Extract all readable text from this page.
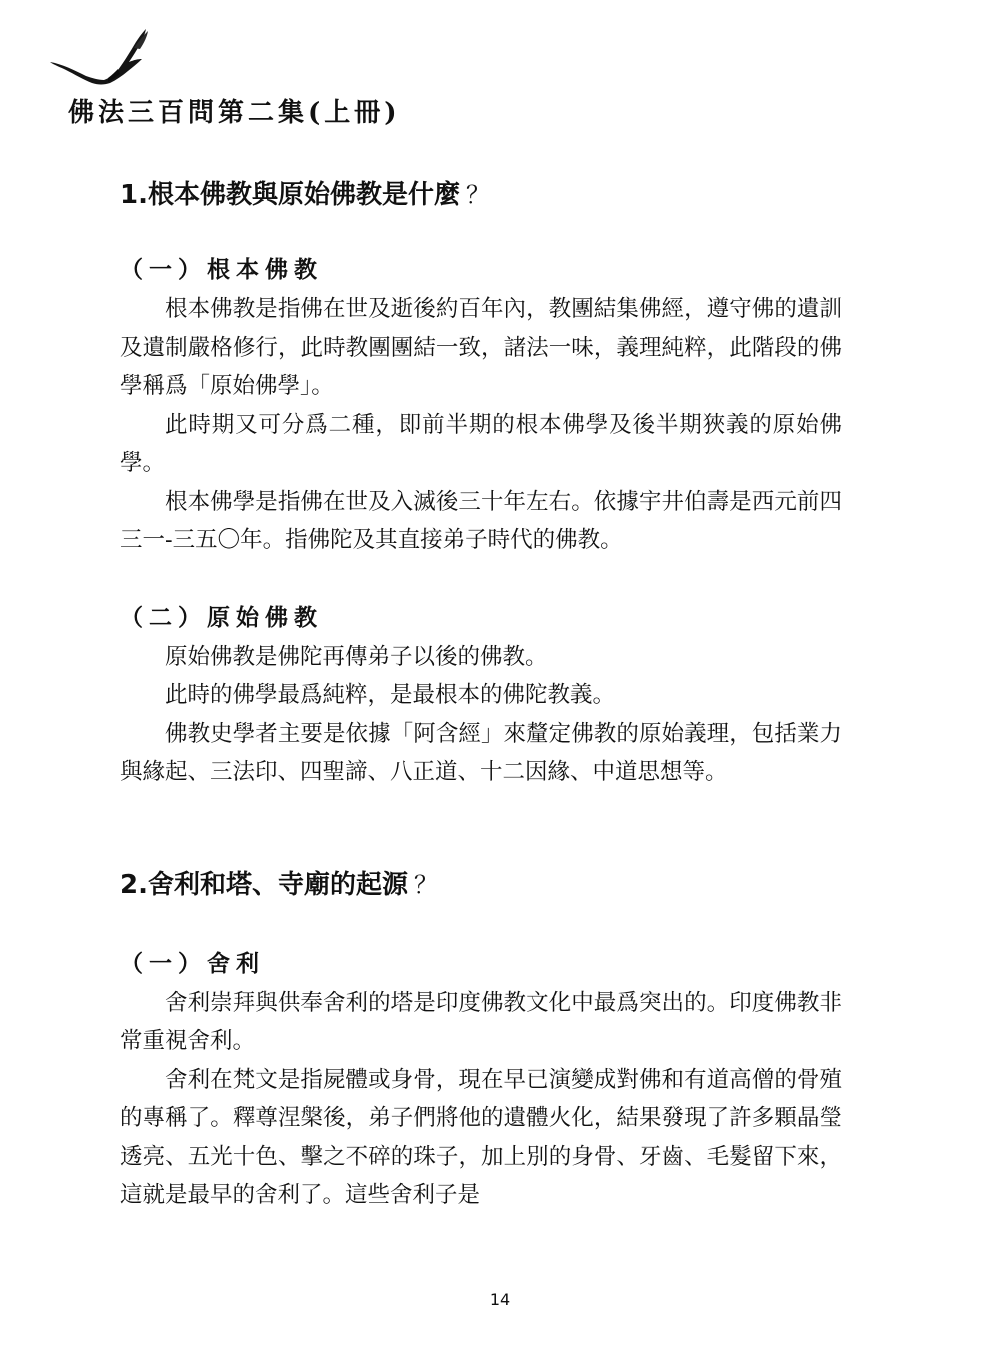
佛法三百問第二集(上冊)
1.根本佛教與原始佛教是什麼 ？
（一）根本佛教

根本佛教是指佛在世及逝後約百年內，教團結集佛經，遵守佛的遺訓及遺制嚴格修行，此時教團團結一致，諸法一味，義理純粹，此階段的佛學稱爲「原始佛學」。

此時期又可分爲二種，即前半期的根本佛學及後半期狹義的原始佛學。

根本佛學是指佛在世及入滅後三十年左右。依據宇井伯壽是西元前四三一-三五〇年。指佛陀及其直接弟子時代的佛教。

（二）原始佛教

原始佛教是佛陀再傳弟子以後的佛教。

此時的佛學最爲純粹，是最根本的佛陀教義。

佛教史學者主要是依據「阿含經」來釐定佛教的原始義理，包括業力與緣起、三法印、四聖諦、八正道、十二因緣、中道思想等。

2.舍利和塔、寺廟的起源 ？
（一）舍利

舍利崇拜與供奉舍利的塔是印度佛教文化中最爲突出的。印度佛教非常重視舍利。

舍利在梵文是指屍體或身骨，現在早已演變成對佛和有道高僧的骨殖的專稱了。釋尊涅槃後，弟子們將他的遺體火化，結果發現了許多顆晶瑩透亮、五光十色、擊之不碎的珠子，加上別的身骨、牙齒、毛髮留下來，這就是最早的舍利了。這些舍利子是

14
